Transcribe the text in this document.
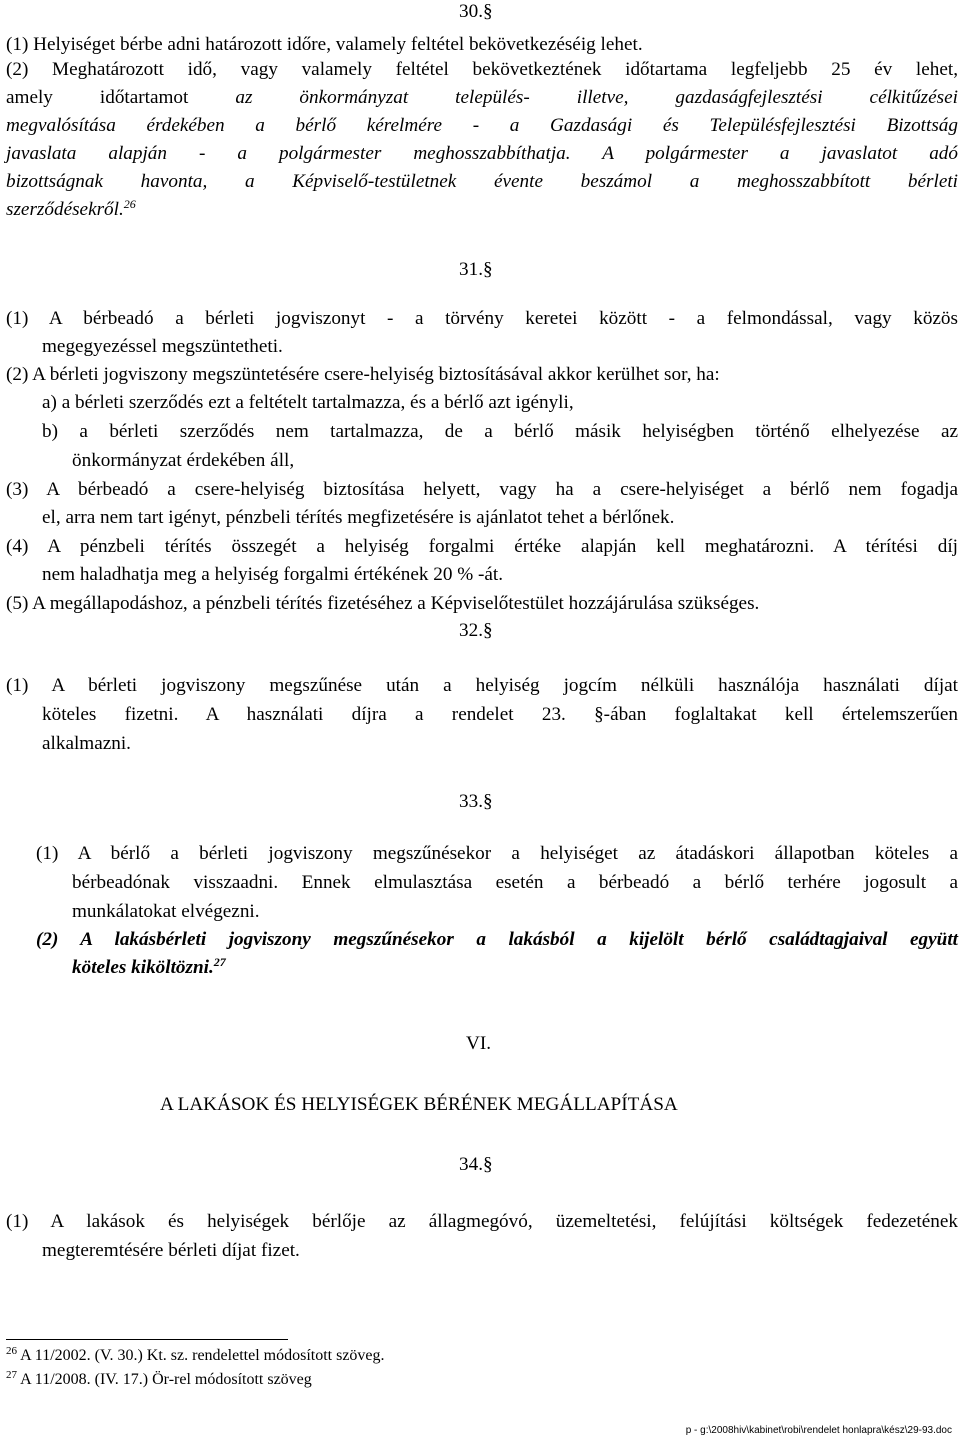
30.§
(1) Helyiséget bérbe adni határozott időre, valamely feltétel bekövetkezéséig lehet.
(2) Meghatározott idő, vagy valamely feltétel bekövetkeztének időtartama legfeljebb 25 év lehet,
amely időtartamot az önkormányzat település- illetve, gazdaságfejlesztési célkitűzései
megvalósítása érdekében a bérlő kérelmére - a Gazdasági és Településfejlesztési Bizottság
javaslata alapján - a polgármester meghosszabbíthatja. A polgármester a javaslatot adó
bizottságnak havonta, a Képviselő-testületnek évente beszámol a meghosszabbított bérleti
szerződésekről.$^{26}$
31.§
(1) A bérbeadó a bérleti jogviszonyt - a törvény keretei között - a felmondással, vagy közös
megegyezéssel megszüntetheti.
(2) A bérleti jogviszony megszüntetésére csere-helyiség biztosításával akkor kerülhet sor, ha:
a) a bérleti szerződés ezt a feltételt tartalmazza, és a bérlő azt igényli,
b) a bérleti szerződés nem tartalmazza, de a bérlő másik helyiségben történő elhelyezése az
önkormányzat érdekében áll,
(3) A bérbeadó a csere-helyiség biztosítása helyett, vagy ha a csere-helyiséget a bérlő nem fogadja
el, arra nem tart igényt, pénzbeli térítés megfizetésére is ajánlatot tehet a bérlőnek.
(4) A pénzbeli térítés összegét a helyiség forgalmi értéke alapján kell meghatározni. A térítési díj
nem haladhatja meg a helyiség forgalmi értékének 20 % -át.
(5) A megállapodáshoz, a pénzbeli térítés fizetéséhez a Képviselőtestület hozzájárulása szükséges.
32.§
(1) A bérleti jogviszony megszűnése után a helyiség jogcím nélküli használója használati díjat
köteles fizetni. A használati díjra a rendelet 23. §-ában foglaltakat kell értelemszerűen
alkalmazni.
33.§
(1) A bérlő a bérleti jogviszony megszűnésekor a helyiséget az átadáskori állapotban köteles a
bérbeadónak visszaadni. Ennek elmulasztása esetén a bérbeadó a bérlő terhére jogosult a
munkálatokat elvégezni.
(2) A lakásbérleti jogviszony megszűnésekor a lakásból a kijelölt bérlő családtagjaival együtt
köteles kiköltözni.$^{27}$
VI.
A LAKÁSOK ÉS HELYISÉGEK BÉRÉNEK MEGÁLLAPÍTÁSA
34.§
(1) A lakások és helyiségek bérlője az állagmegóvó, üzemeltetési, felújítási költségek fedezetének
megteremtésére bérleti díjat fizet.
$^{26}$ A 11/2002. (V. 30.) Kt. sz. rendelettel módosított szöveg.
$^{27}$ A 11/2008. (IV. 17.) Ör-rel módosított szöveg
p - g:\2008hiv\kabinet\robi\rendelet honlapra\kész\29-93.doc
